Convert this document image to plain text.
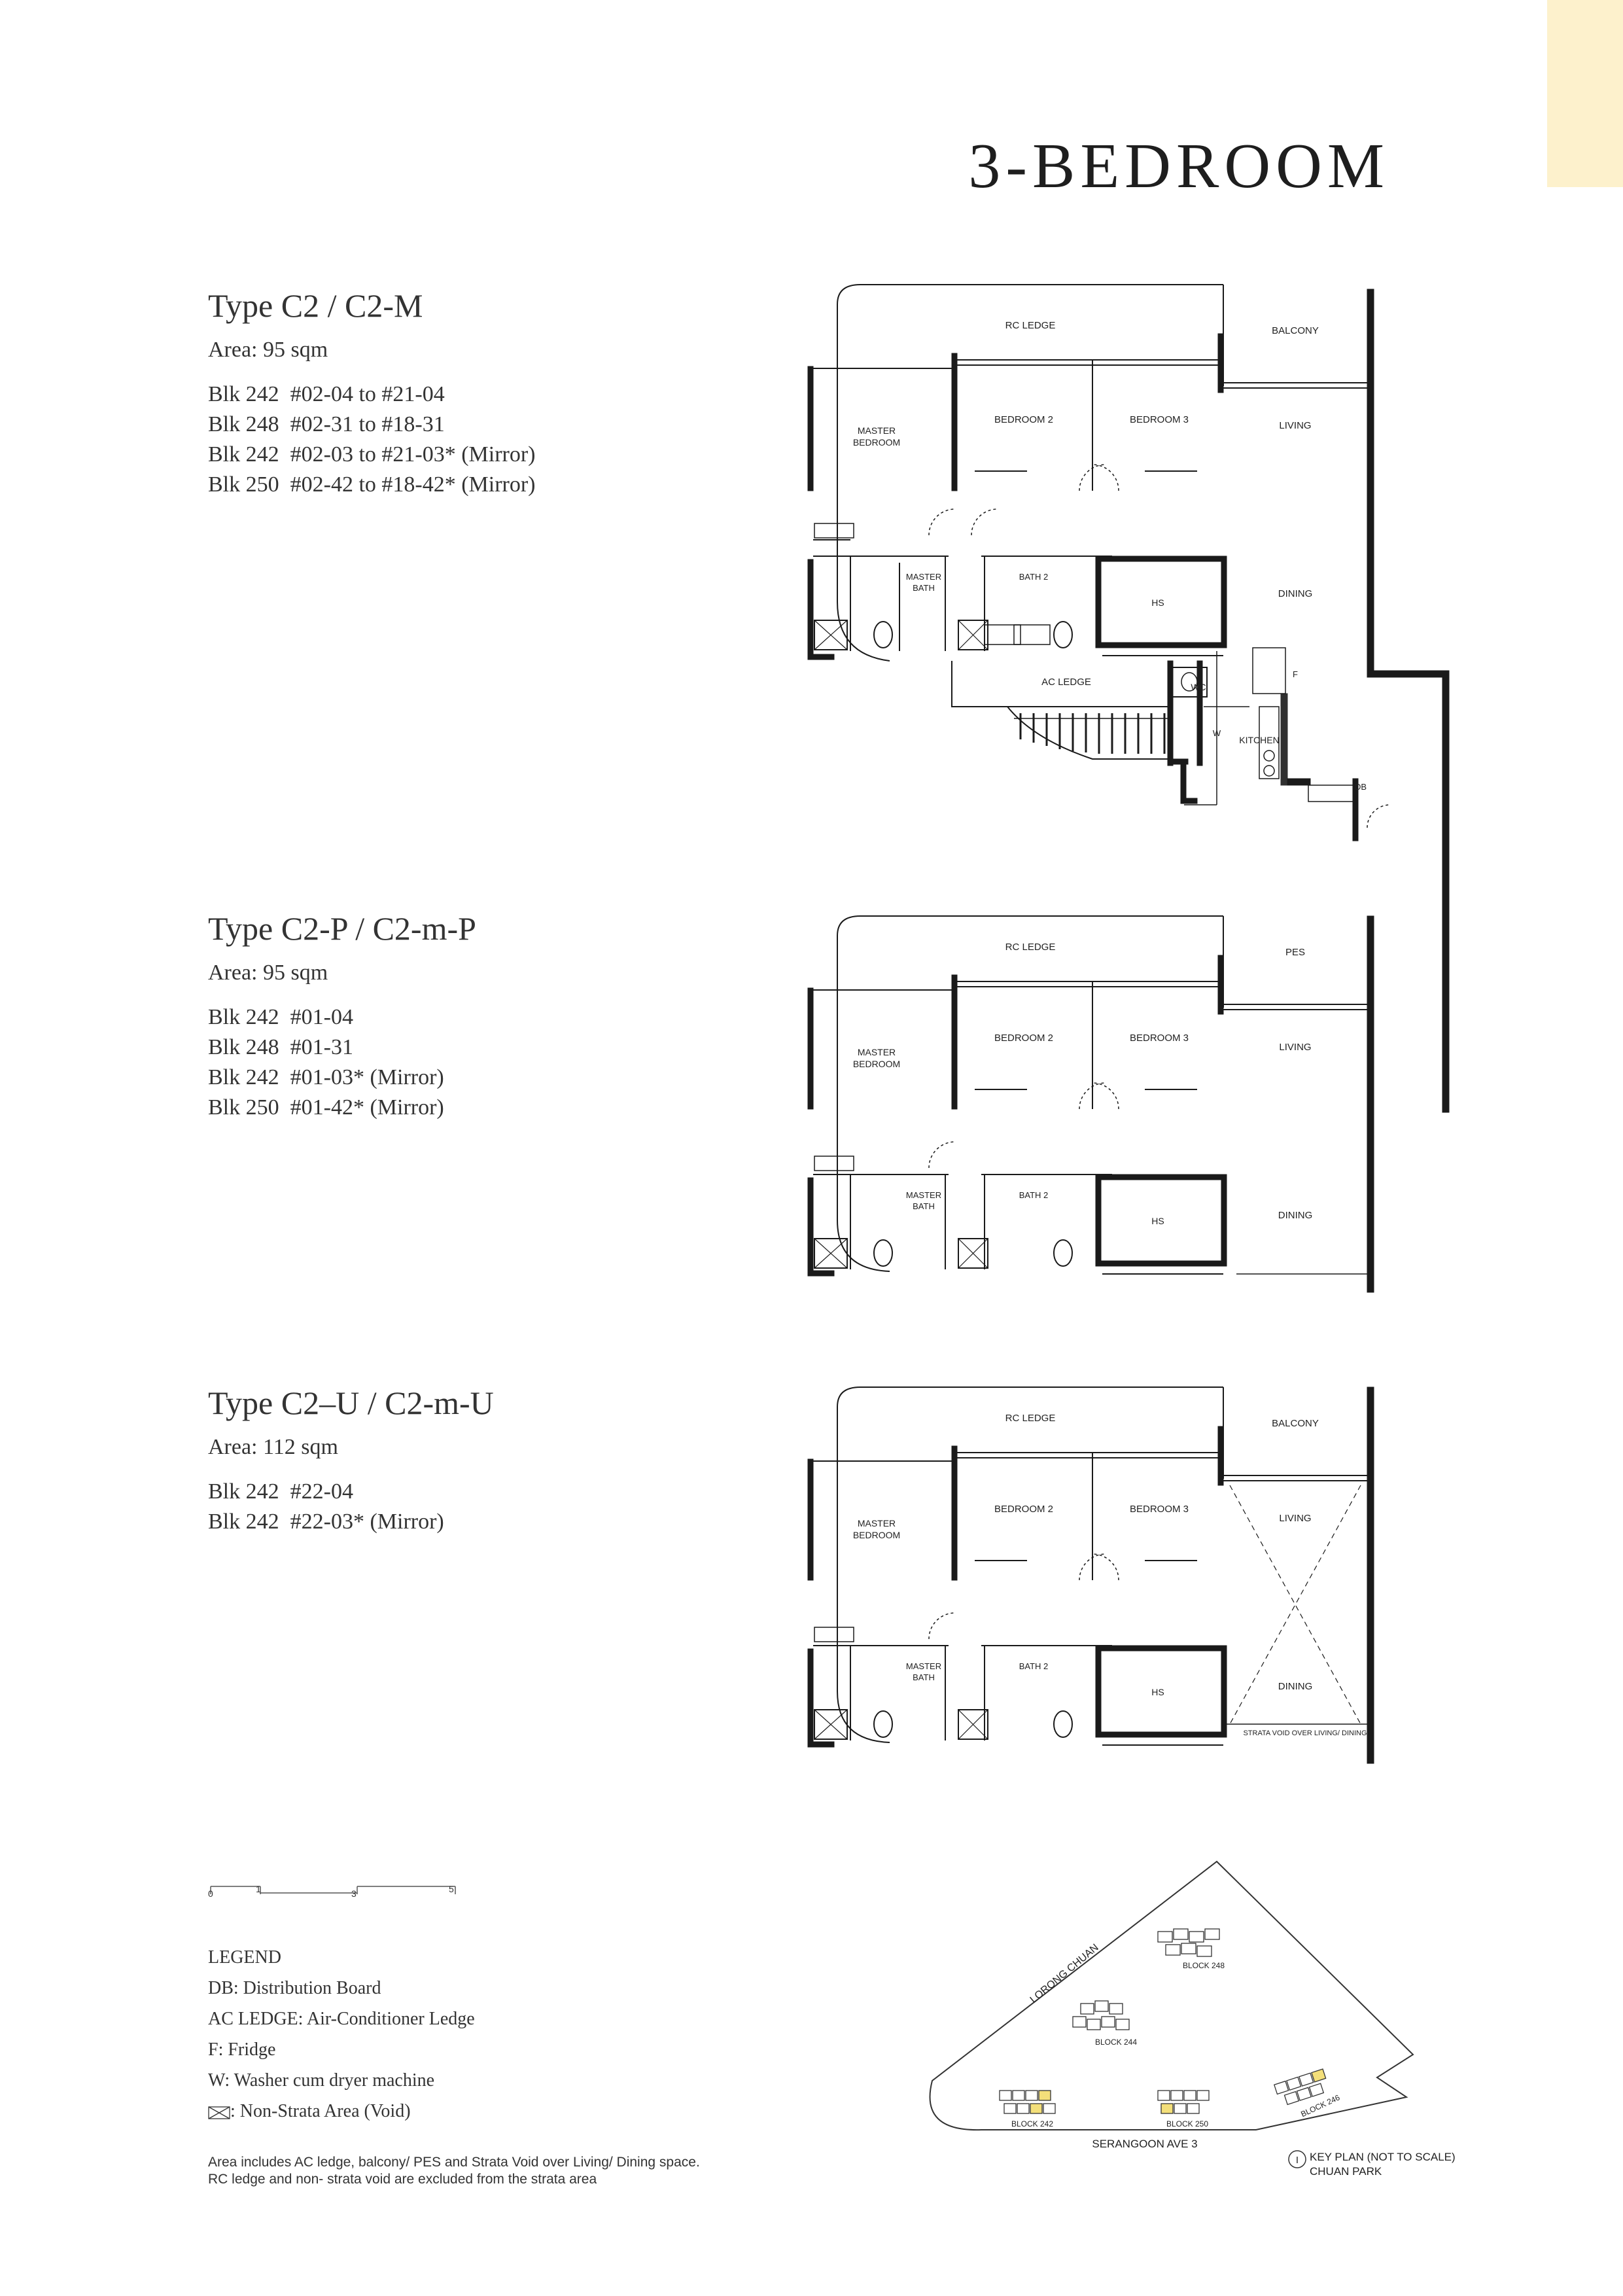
3-BEDROOM
Type C2 / C2-M
Area: 95 sqm
Blk 242  #02-04 to #21-04
Blk 248  #02-31 to #18-31
Blk 242  #02-03 to #21-03* (Mirror)
Blk 250  #02-42 to #18-42* (Mirror)
Type C2-P / C2-m-P
Area: 95 sqm
Blk 242  #01-04
Blk 248  #01-31
Blk 242  #01-03* (Mirror)
Blk 250  #01-42* (Mirror)
Type C2–U / C2-m-U
Area: 112 sqm
Blk 242  #22-04
Blk 242  #22-03* (Mirror)
RC LEDGE	BALCONY
MASTER
BEDROOM
BEDROOM 2	BEDROOM 3
LIVING
MASTER
BATH
BATH 2
HS
DINING
AC LEDGE	WC
W
F
KITCHEN
DB
RC LEDGE	PES
MASTER
BEDROOM
BEDROOM 2	BEDROOM 3
LIVING
MASTER
BATH
BATH 2
HS	DINING
RC LEDGE	BALCONY
MASTER
BEDROOM
BEDROOM 2	BEDROOM 3
LIVING
MASTER
BATH
BATH 2
HS	DINING
STRATA VOID OVER LIVING/ DINING
0	1	3	5
LEGEND
DB: Distribution Board
AC LEDGE: Air-Conditioner Ledge
F: Fridge
W: Washer cum dryer machine
: Non-Strata Area (Void)
Area includes AC ledge, balcony/ PES and Strata Void over Living/ Dining space.
RC ledge and non- strata void are excluded from the strata area
BLOCK 248
BLOCK 244
BLOCK 242	BLOCK 250
BLOCK 246
LORONG CHUAN
SERANGOON AVE 3
I KEY PLAN (NOT TO SCALE)
CHUAN PARK
